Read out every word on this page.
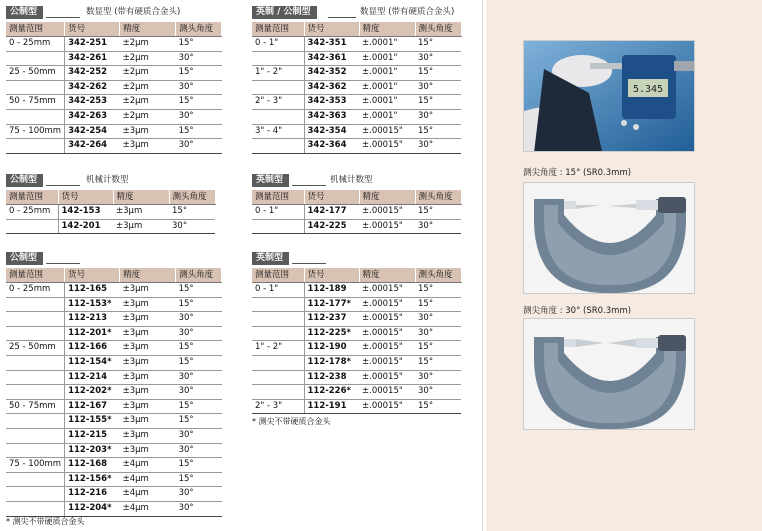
公制型	数显型 (带有硬质合金头)
测量范围	货号	精度	测头角度
0 - 25mm	342-251	±2μm	15°
	342-261	±2μm	30°
25 - 50mm	342-252	±2μm	15°
	342-262	±2μm	30°
50 - 75mm	342-253	±2μm	15°
	342-263	±2μm	30°
75 - 100mm	342-254	±3μm	15°
	342-264	±3μm	30°
英制 / 公制型	数显型 (带有硬质合金头)
测量范围	货号	精度	测头角度
0 - 1"	342-351	±.0001"	15°
	342-361	±.0001"	30°
1" - 2"	342-352	±.0001"	15°
	342-362	±.0001"	30°
2" - 3"	342-353	±.0001"	15°
	342-363	±.0001"	30°
3" - 4"	342-354	±.00015"	15°
	342-364	±.00015"	30°
公制型	机械计数型
测量范围	货号	精度	测头角度
0 - 25mm	142-153	±3μm	15°
	142-201	±3μm	30°
英制型	机械计数型
测量范围	货号	精度	测头角度
0 - 1"	142-177	±.00015"	15°
	142-225	±.00015"	30°
公制型
测量范围	货号	精度	测头角度
0 - 25mm	112-165	±3μm	15°
	112-153*	±3μm	15°
	112-213	±3μm	30°
	112-201*	±3μm	30°
25 - 50mm	112-166	±3μm	15°
	112-154*	±3μm	15°
	112-214	±3μm	30°
	112-202*	±3μm	30°
50 - 75mm	112-167	±3μm	15°
	112-155*	±3μm	15°
	112-215	±3μm	30°
	112-203*	±3μm	30°
75 - 100mm	112-168	±4μm	15°
	112-156*	±4μm	15°
	112-216	±4μm	30°
	112-204*	±4μm	30°
* 测尖不带硬质合金头
英制型
测量范围	货号	精度	测头角度
0 - 1"	112-189	±.00015"	15°
	112-177*	±.00015"	15°
	112-237	±.00015"	30°
	112-225*	±.00015"	30°
1" - 2"	112-190	±.00015"	15°
	112-178*	±.00015"	15°
	112-238	±.00015"	30°
	112-226*	±.00015"	30°
2" - 3"	112-191	±.00015"	15°
* 测尖不带硬质合金头
5.345
测尖角度 : 15° (SR0.3mm)
测尖角度 : 30° (SR0.3mm)
